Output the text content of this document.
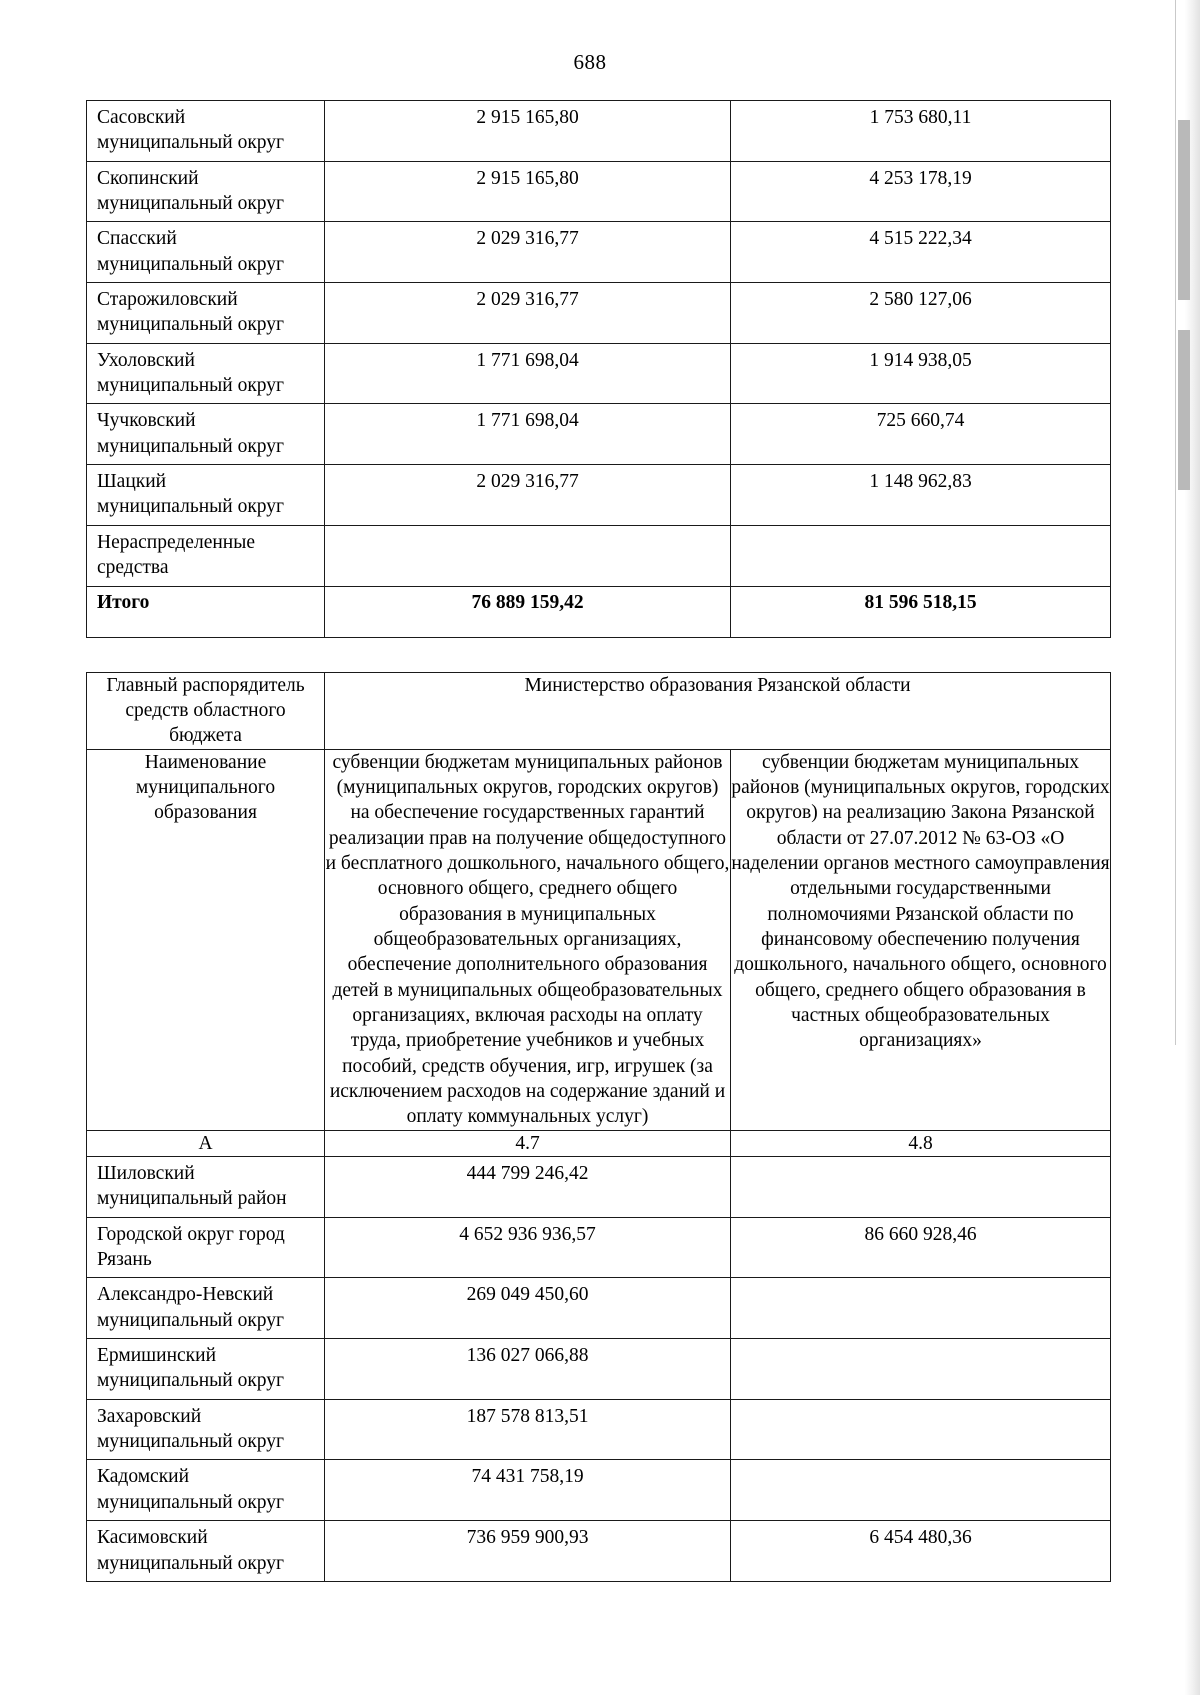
688
Сасовский
муниципальный округ	2 915 165,80	1 753 680,11

Скопинский
муниципальный округ	2 915 165,80	4 253 178,19

Спасский
муниципальный округ	2 029 316,77	4 515 222,34

Старожиловский
муниципальный округ	2 029 316,77	2 580 127,06

Ухоловский
муниципальный округ	1 771 698,04	1 914 938,05

Чучковский
муниципальный округ	1 771 698,04	725 660,74

Шацкий
муниципальный округ	2 029 316,77	1 148 962,83

Нераспределенные
средства		

Итого	76 889 159,42	81 596 518,15
Главный распорядитель средств областного бюджета	Министерство образования Рязанской области	
Наименование муниципального образования	субвенции бюджетам муниципальных районов (муниципальных округов, городских округов) на обеспечение государственных гарантий реализации прав на получение общедоступного и бесплатного дошкольного, начального общего, основного общего, среднего общего образования в муниципальных общеобразовательных организациях, обеспечение дополнительного образования детей в муниципальных общеобразовательных организациях, включая расходы на оплату труда, приобретение учебников и учебных пособий, средств обучения, игр, игрушек (за исключением расходов на содержание зданий и оплату коммунальных услуг)	субвенции бюджетам муниципальных районов (муниципальных округов, городских округов) на реализацию Закона Рязанской области от 27.07.2012 № 63-ОЗ «О наделении органов местного самоуправления отдельными государственными полномочиями Рязанской области по финансовому обеспечению получения дошкольного, начального общего, основного общего, среднего общего образования в частных общеобразовательных организациях»
А	4.7	4.8

Шиловский
муниципальный район	444 799 246,42	

Городской округ город
Рязань	4 652 936 936,57	86 660 928,46

Александро-Невский
муниципальный округ	269 049 450,60	

Ермишинский
муниципальный округ	136 027 066,88	

Захаровский
муниципальный округ	187 578 813,51	

Кадомский
муниципальный округ	74 431 758,19	

Касимовский
муниципальный округ	736 959 900,93	6 454 480,36
